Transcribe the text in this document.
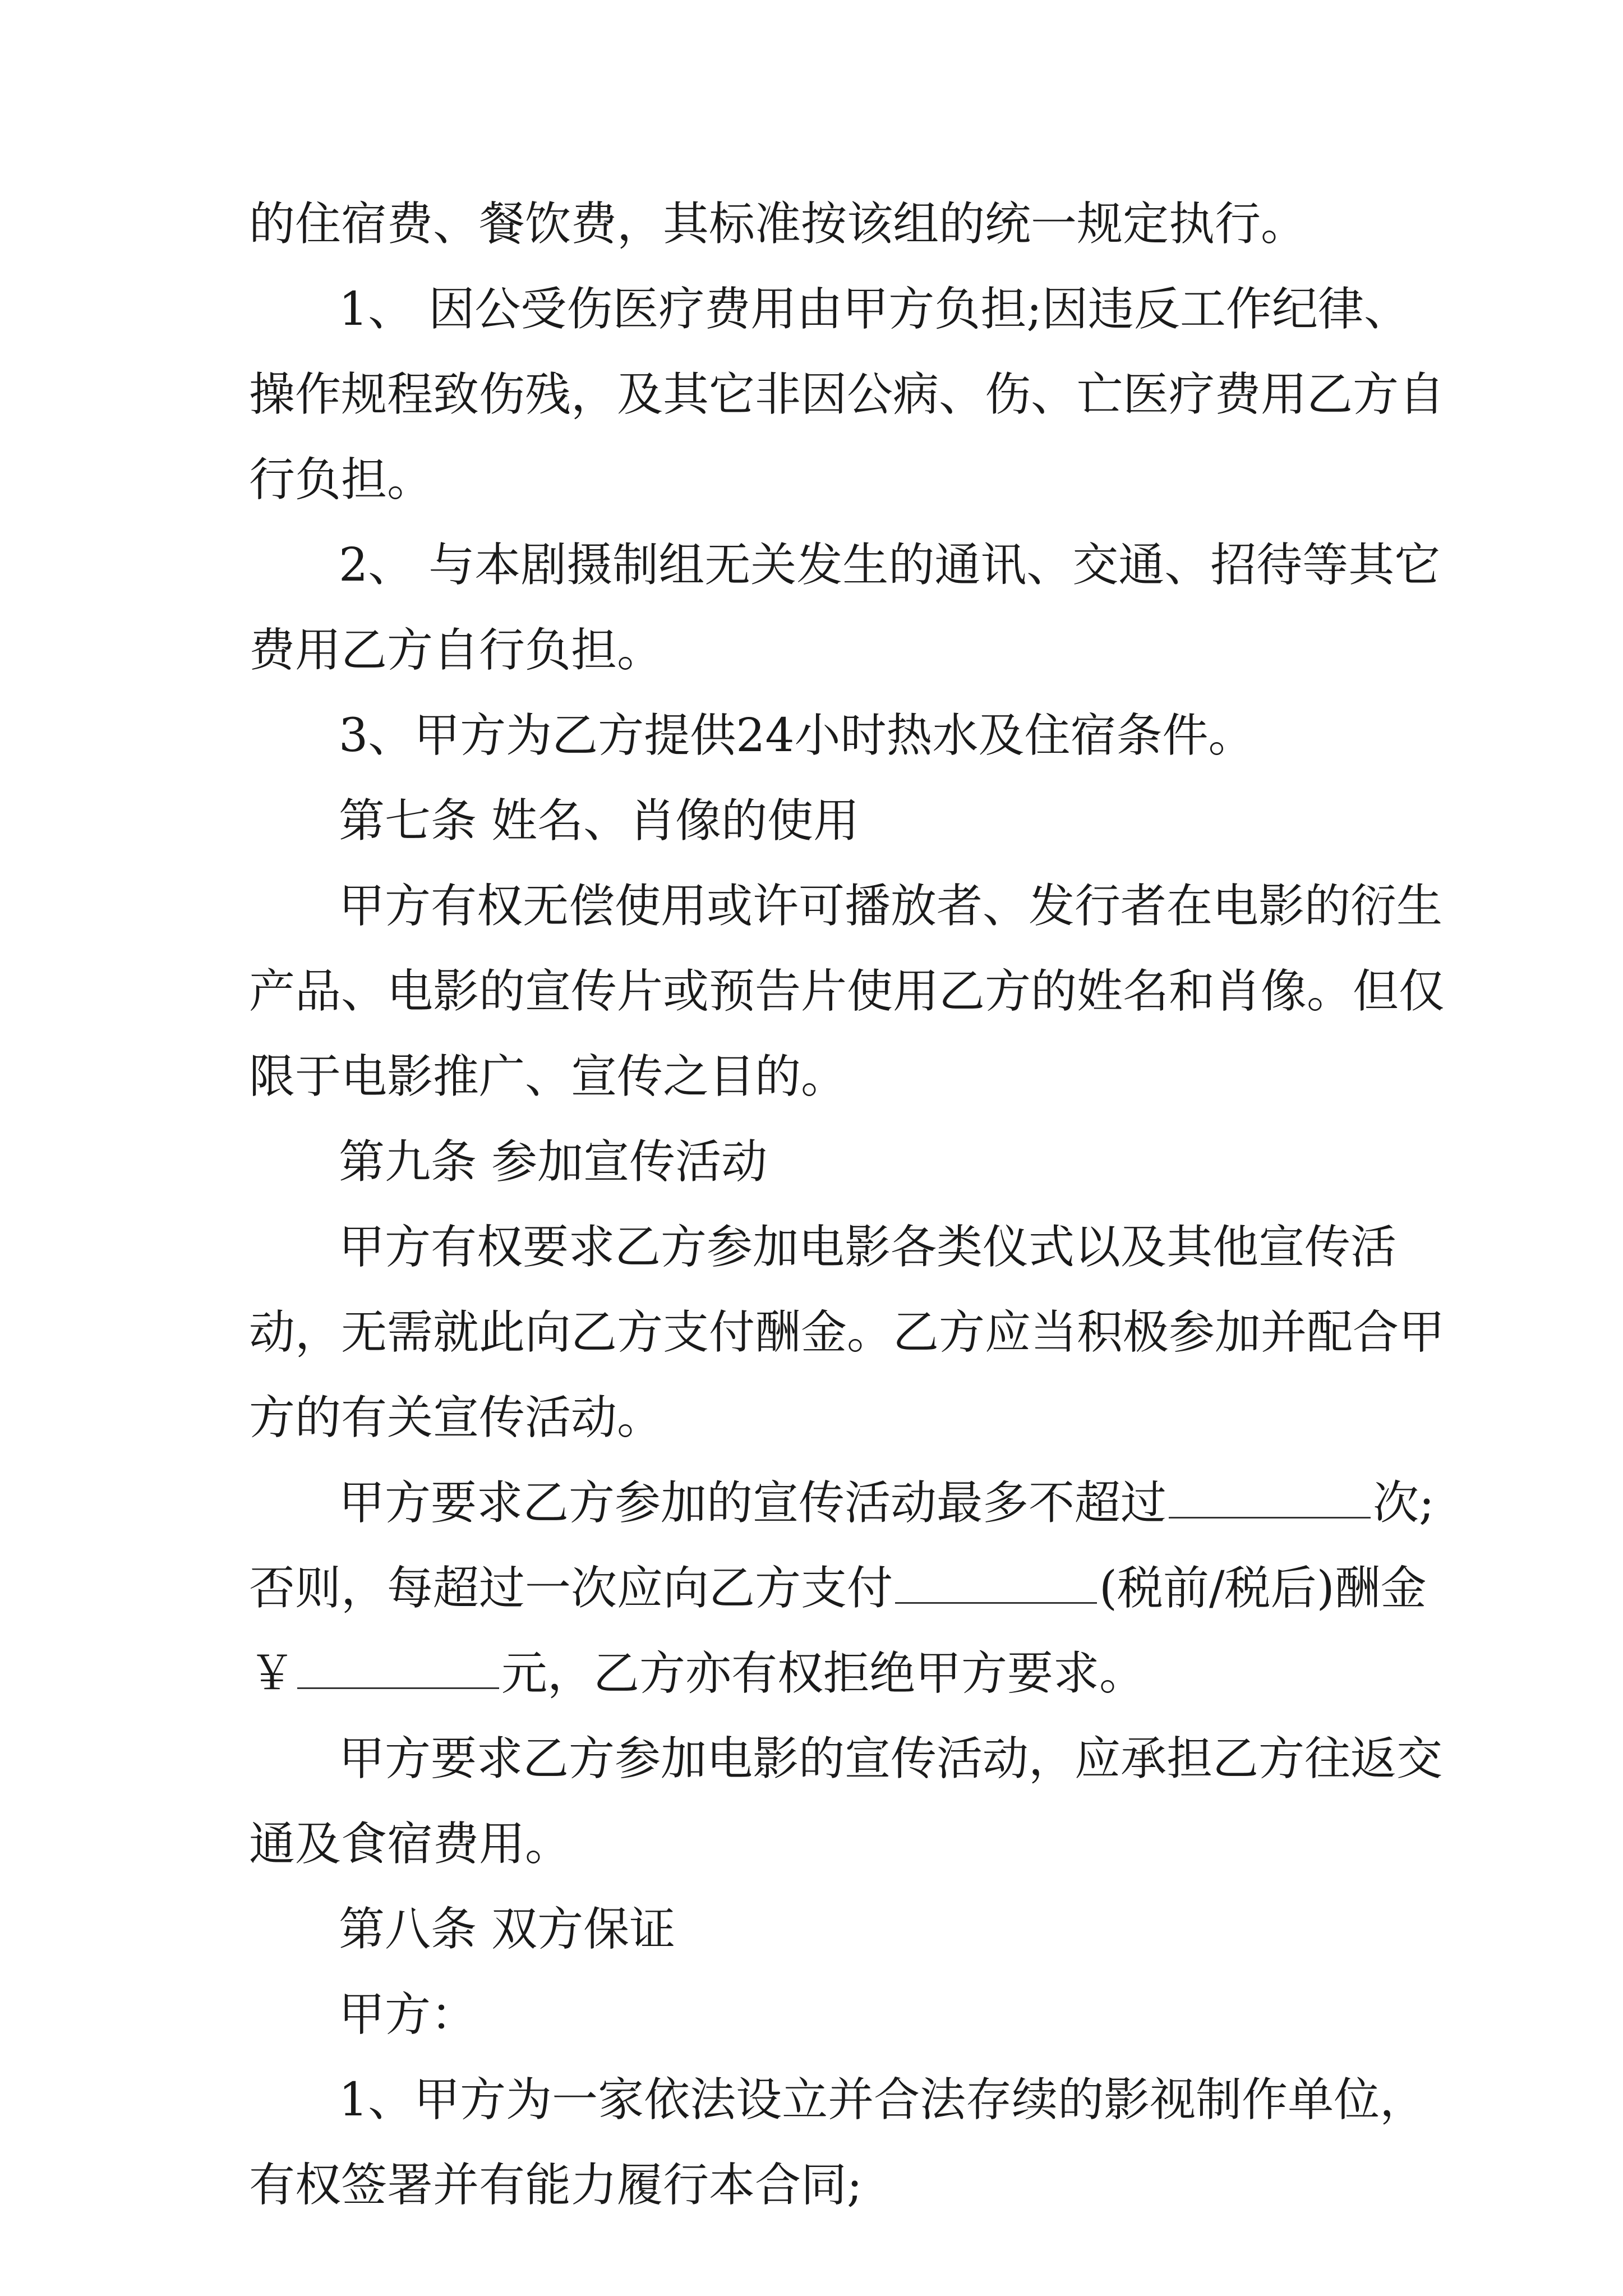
的住宿费、餐饮费，其标准按该组的统一规定执行。

1、 因公受伤医疗费用由甲方负担;因违反工作纪律、

操作规程致伤残，及其它非因公病、伤、亡医疗费用乙方自

行负担。

2、 与本剧摄制组无关发生的通讯、交通、招待等其它

费用乙方自行负担。

3、甲方为乙方提供24小时热水及住宿条件。

第七条 姓名、肖像的使用

甲方有权无偿使用或许可播放者、发行者在电影的衍生

产品、电影的宣传片或预告片使用乙方的姓名和肖像。但仅

限于电影推广、宣传之目的。

第九条 参加宣传活动

甲方有权要求乙方参加电影各类仪式以及其他宣传活

动，无需就此向乙方支付酬金。乙方应当积极参加并配合甲

方的有关宣传活动。

甲方要求乙方参加的宣传活动最多不超过	次;

否则，每超过一次应向乙方支付	(税前/税后)酬金

￥	元，乙方亦有权拒绝甲方要求。

甲方要求乙方参加电影的宣传活动，应承担乙方往返交

通及食宿费用。

第八条 双方保证

甲方：

1、甲方为一家依法设立并合法存续的影视制作单位，

有权签署并有能力履行本合同;
